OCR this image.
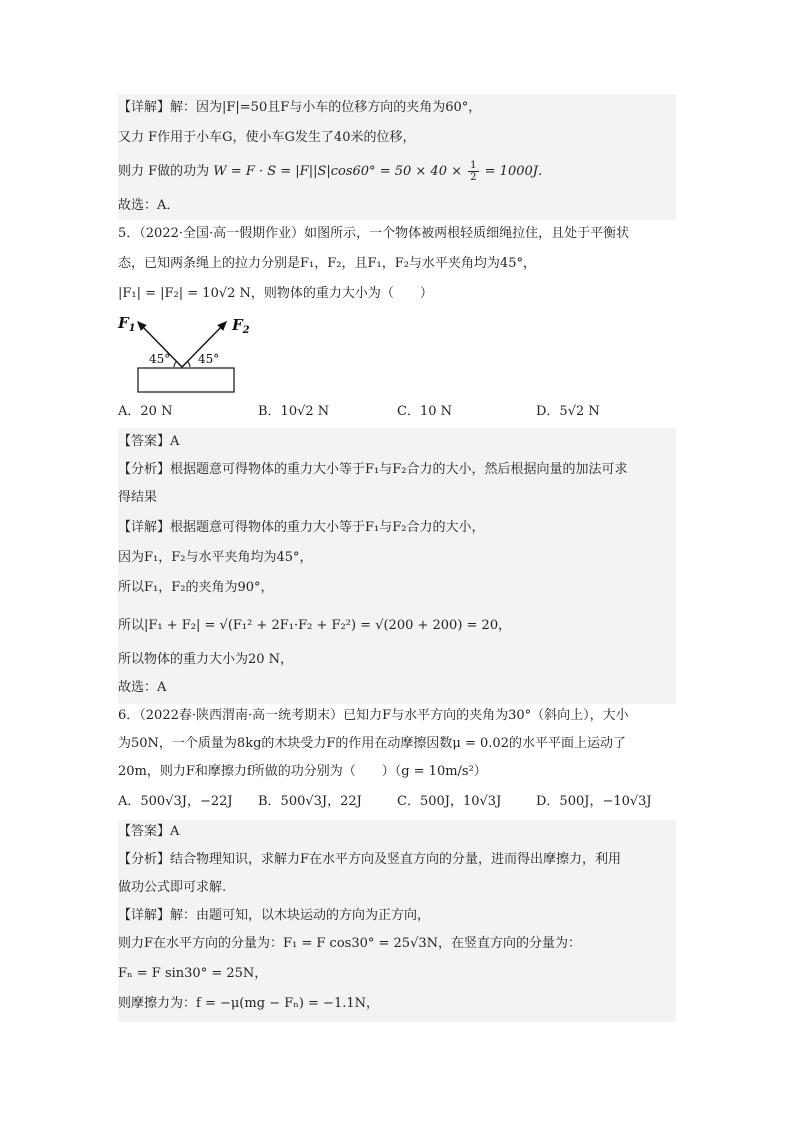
【详解】解：因为|F|=50且F与小车的位移方向的夹角为60°，
又力 F作用于小车G，使小车G发生了40米的位移，
则力 F做的功为 $W = F \cdot S = |F||S|\cos 60^\circ = 50 \times 40 \times \frac{1}{2} = 1000J$．
故选：A．
5．（2022·全国·高一假期作业）如图所示，一个物体被两根轻质细绳拉住，且处于平衡状
态，已知两条绳上的拉力分别是F₁，F₂，且F₁，F₂与水平夹角均为45°，
|F₁| = |F₂| = 10√2 N，则物体的重力大小为（　　）
$F_1$	$F_2$
45° 45°
A．20 N	B．10√2 N	C．10 N	D．5√2 N
【答案】A
【分析】根据题意可得物体的重力大小等于F₁与F₂合力的大小，然后根据向量的加法可求
得结果
【详解】根据题意可得物体的重力大小等于F₁与F₂合力的大小，
因为F₁，F₂与水平夹角均为45°，
所以F₁，F₂的夹角为90°，
所以|F₁ + F₂| = √(F₁² + 2F₁·F₂ + F₂²) = √(200 + 200) = 20，
所以物体的重力大小为20 N，
故选：A
6．（2022春·陕西渭南·高一统考期末）已知力F与水平方向的夹角为30°（斜向上），大小
为50N，一个质量为8kg的木块受力F的作用在动摩擦因数μ = 0.02的水平平面上运动了
20m，则力F和摩擦力f所做的功分别为（　　）（g = 10m/s²）
A．500√3J，−22J B．500√3J，22J	C．500J，10√3J	D．500J，−10√3J
【答案】A
【分析】结合物理知识，求解力F在水平方向及竖直方向的分量，进而得出摩擦力，利用
做功公式即可求解.
【详解】解：由题可知，以木块运动的方向为正方向，
则力F在水平方向的分量为：F₁ = F cos30° = 25√3N，在竖直方向的分量为：
Fₙ = F sin30° = 25N，
则摩擦力为：f = −μ(mg − Fₙ) = −1.1N，
